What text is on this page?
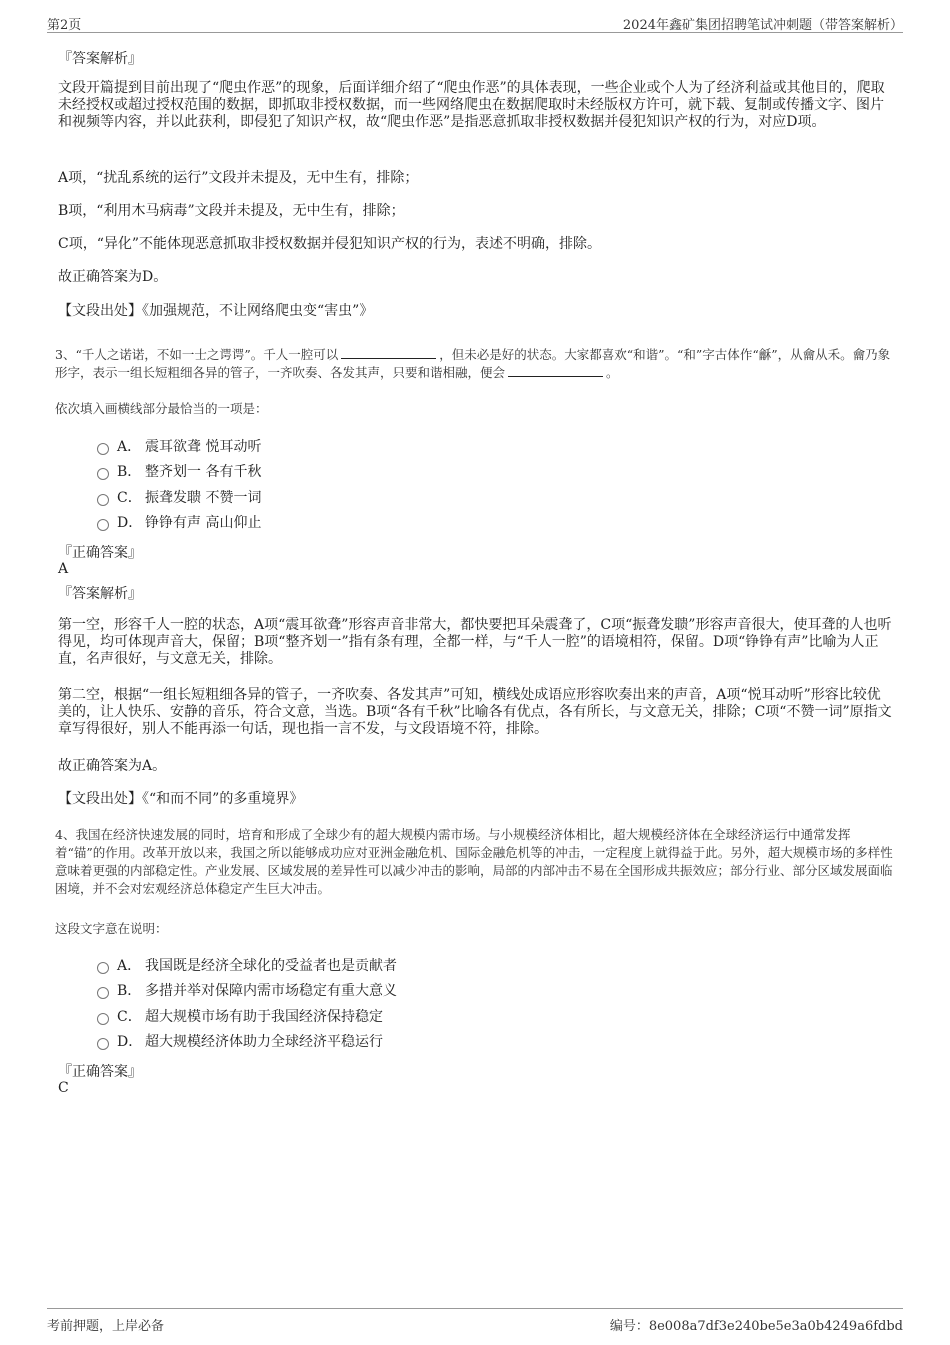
第2页	2024年鑫矿集团招聘笔试冲刺题（带答案解析）
『答案解析』
文段开篇提到目前出现了“爬虫作恶”的现象，后面详细介绍了“爬虫作恶”的具体表现，一些企业或个人为了经济利益或其他目的，爬取未经授权或超过授权范围的数据，即抓取非授权数据，而一些网络爬虫在数据爬取时未经版权方许可，就下载、复制或传播文字、图片和视频等内容，并以此获利，即侵犯了知识产权，故“爬虫作恶”是指恶意抓取非授权数据并侵犯知识产权的行为，对应D项。
A项，“扰乱系统的运行”文段并未提及，无中生有，排除；
B项，“利用木马病毒”文段并未提及，无中生有，排除；
C项，“异化”不能体现恶意抓取非授权数据并侵犯知识产权的行为，表述不明确，排除。
故正确答案为D。
【文段出处】《加强规范，不让网络爬虫变“害虫”》
3、“千人之诺诺，不如一士之谔谔”。千人一腔可以	，但未必是好的状态。大家都喜欢“和谐”。“和”字古体作“龢”，从龠从禾。龠乃象形字，表示一组长短粗细各异的管子，一齐吹奏、各发其声，只要和谐相融，便会	。
依次填入画横线部分最恰当的一项是：
A． 震耳欲聋 悦耳动听
B． 整齐划一 各有千秋
C． 振聋发聩 不赞一词
D． 铮铮有声 高山仰止
『正确答案』
A
『答案解析』
第一空，形容千人一腔的状态，A项“震耳欲聋”形容声音非常大，都快要把耳朵震聋了，C项“振聋发聩”形容声音很大，使耳聋的人也听得见，均可体现声音大，保留；B项“整齐划一”指有条有理，全都一样，与“千人一腔”的语境相符，保留。D项“铮铮有声”比喻为人正直，名声很好，与文意无关，排除。
第二空，根据“一组长短粗细各异的管子，一齐吹奏、各发其声”可知，横线处成语应形容吹奏出来的声音，A项“悦耳动听”形容比较优美的，让人快乐、安静的音乐，符合文意，当选。B项“各有千秋”比喻各有优点，各有所长，与文意无关，排除；C项“不赞一词”原指文章写得很好，别人不能再添一句话，现也指一言不发，与文段语境不符，排除。
故正确答案为A。
【文段出处】《“和而不同”的多重境界》
4、我国在经济快速发展的同时，培育和形成了全球少有的超大规模内需市场。与小规模经济体相比，超大规模经济体在全球经济运行中通常发挥着“锚”的作用。改革开放以来，我国之所以能够成功应对亚洲金融危机、国际金融危机等的冲击，一定程度上就得益于此。另外，超大规模市场的多样性意味着更强的内部稳定性。产业发展、区域发展的差异性可以减少冲击的影响，局部的内部冲击不易在全国形成共振效应；部分行业、部分区域发展面临困境，并不会对宏观经济总体稳定产生巨大冲击。
这段文字意在说明：
A． 我国既是经济全球化的受益者也是贡献者
B． 多措并举对保障内需市场稳定有重大意义
C． 超大规模市场有助于我国经济保持稳定
D． 超大规模经济体助力全球经济平稳运行
『正确答案』
C
考前押题，上岸必备	编号：8e008a7df3e240be5e3a0b4249a6fdbd
